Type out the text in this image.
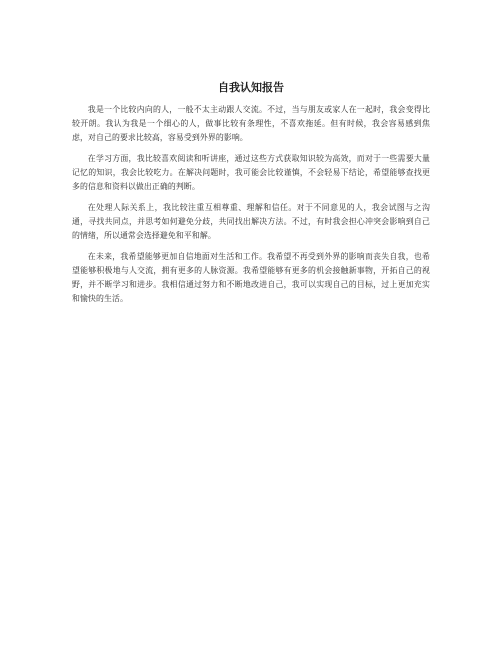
自我认知报告

我是一个比较内向的人，一般不太主动跟人交流。不过，当与朋友或家人在一起时，我会变得比较开朗。我认为我是一个细心的人，做事比较有条理性，不喜欢拖延。但有时候，我会容易感到焦虑，对自己的要求比较高，容易受到外界的影响。

在学习方面，我比较喜欢阅读和听讲座，通过这些方式获取知识较为高效，而对于一些需要大量记忆的知识，我会比较吃力。在解决问题时，我可能会比较谨慎，不会轻易下结论，希望能够查找更多的信息和资料以做出正确的判断。

在处理人际关系上，我比较注重互相尊重、理解和信任。对于不同意见的人，我会试图与之沟通，寻找共同点，并思考如何避免分歧，共同找出解决方法。不过，有时我会担心冲突会影响到自己的情绪，所以通常会选择避免和平和解。

在未来，我希望能够更加自信地面对生活和工作。我希望不再受到外界的影响而丧失自我，也希望能够积极地与人交流，拥有更多的人脉资源。我希望能够有更多的机会接触新事物，开拓自己的视野，并不断学习和进步。我相信通过努力和不断地改进自己，我可以实现自己的目标，过上更加充实和愉快的生活。
